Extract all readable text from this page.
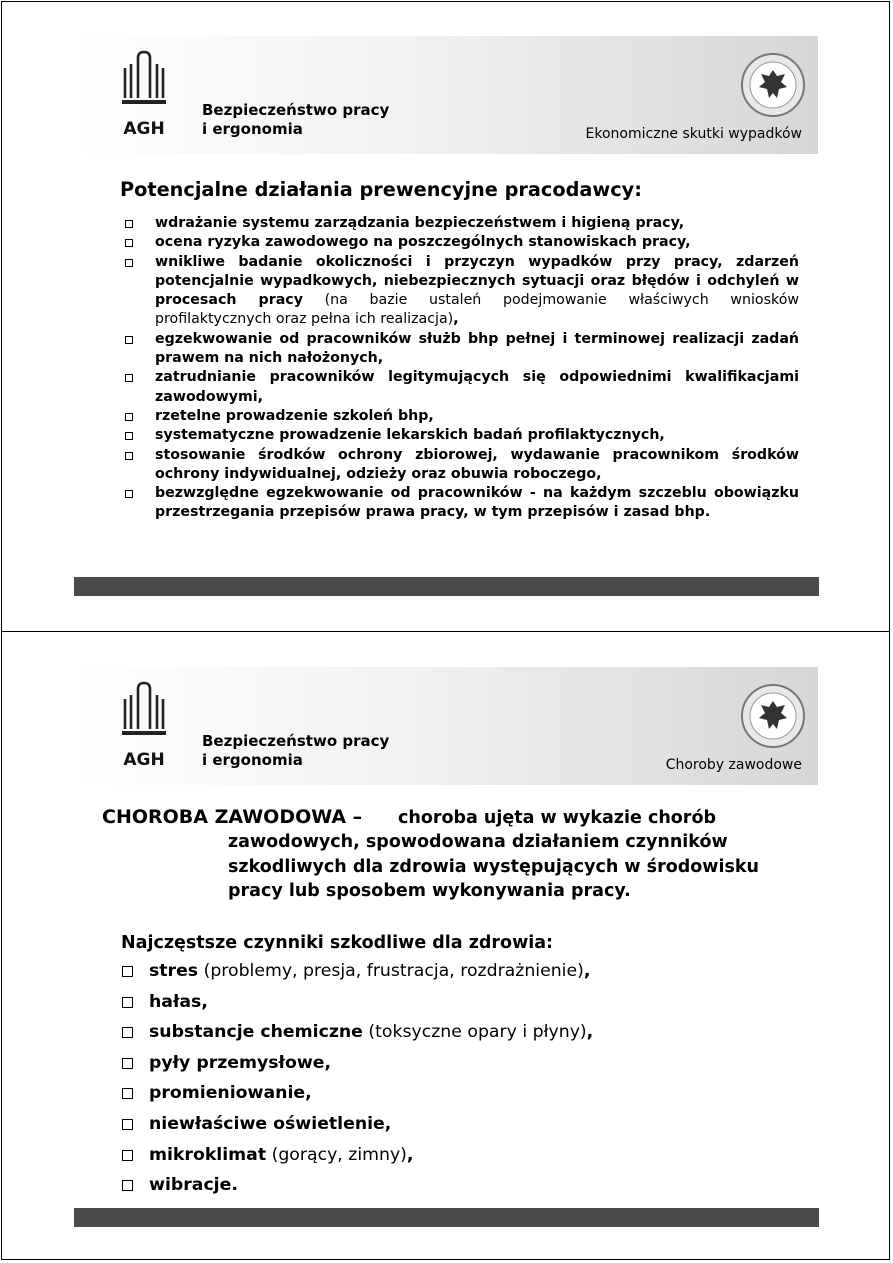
AGH
Bezpieczeństwo pracy
i ergonomia	Ekonomiczne skutki wypadków
Potencjalne działania prewencyjne pracodawcy:
wdrażanie systemu zarządzania bezpieczeństwem i higieną pracy,
ocena ryzyka zawodowego na poszczególnych stanowiskach pracy,
wnikliwe badanie okoliczności i przyczyn wypadków przy pracy, zdarzeń potencjalnie wypadkowych, niebezpiecznych sytuacji oraz błędów i odchyleń w procesach pracy (na bazie ustaleń podejmowanie właściwych wniosków profilaktycznych oraz pełna ich realizacja),
egzekwowanie od pracowników służb bhp pełnej i terminowej realizacji zadań prawem na nich nałożonych,
zatrudnianie pracowników legitymujących się odpowiednimi kwalifikacjami zawodowymi,
rzetelne prowadzenie szkoleń bhp,
systematyczne prowadzenie lekarskich badań profilaktycznych,
stosowanie środków ochrony zbiorowej, wydawanie pracownikom środków ochrony indywidualnej, odzieży oraz obuwia roboczego,
bezwzględne egzekwowanie od pracowników - na każdym szczeblu obowiązku przestrzegania przepisów prawa pracy, w tym przepisów i zasad bhp.
AGH
Bezpieczeństwo pracy
i ergonomia	Choroby zawodowe
CHOROBA ZAWODOWA – choroba ujęta w wykazie chorób
zawodowych, spowodowana działaniem czynników szkodliwych dla zdrowia występujących w środowisku pracy lub sposobem wykonywania pracy.
Najczęstsze czynniki szkodliwe dla zdrowia:
stres (problemy, presja, frustracja, rozdrażnienie),
hałas,
substancje chemiczne (toksyczne opary i płyny),
pyły przemysłowe,
promieniowanie,
niewłaściwe oświetlenie,
mikroklimat (gorący, zimny),
wibracje.
